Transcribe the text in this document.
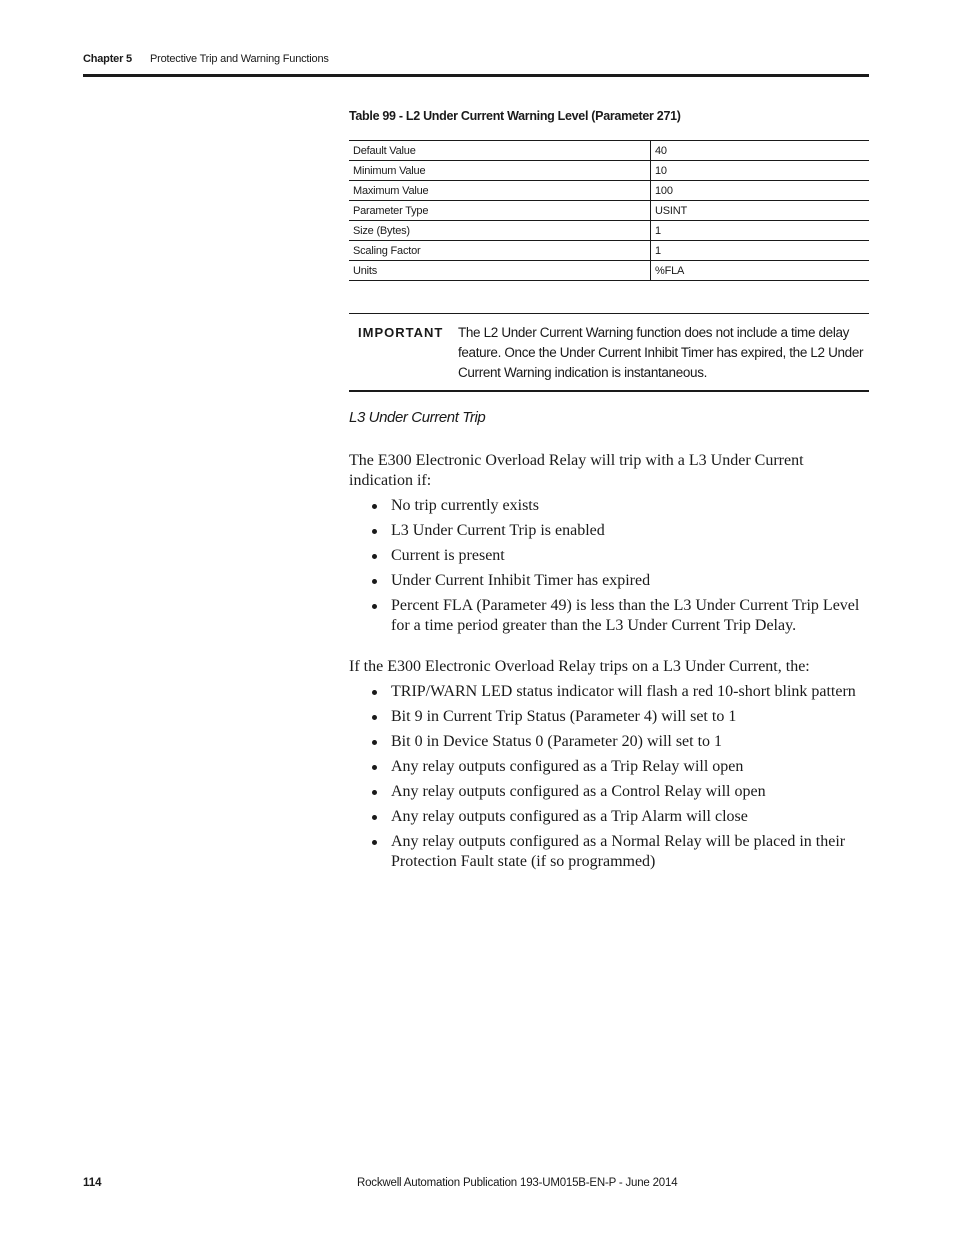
Chapter 5 Protective Trip and Warning Functions
Table 99 - L2 Under Current Warning Level (Parameter 271)
Default Value	40
Minimum Value	10
Maximum Value	100
Parameter Type	USINT
Size (Bytes)	1
Scaling Factor	1
Units	%FLA
IMPORTANT The L2 Under Current Warning function does not include a time delay feature. Once the Under Current Inhibit Timer has expired, the L2 Under Current Warning indication is instantaneous.
L3 Under Current Trip
The E300 Electronic Overload Relay will trip with a L3 Under Current indication if:
No trip currently exists
L3 Under Current Trip is enabled
Current is present
Under Current Inhibit Timer has expired
Percent FLA (Parameter 49) is less than the L3 Under Current Trip Level for a time period greater than the L3 Under Current Trip Delay.
If the E300 Electronic Overload Relay trips on a L3 Under Current, the:
TRIP/WARN LED status indicator will flash a red 10-short blink pattern
Bit 9 in Current Trip Status (Parameter 4) will set to 1
Bit 0 in Device Status 0 (Parameter 20) will set to 1
Any relay outputs configured as a Trip Relay will open
Any relay outputs configured as a Control Relay will open
Any relay outputs configured as a Trip Alarm will close
Any relay outputs configured as a Normal Relay will be placed in their Protection Fault state (if so programmed)
114	Rockwell Automation Publication 193-UM015B-EN-P - June 2014
